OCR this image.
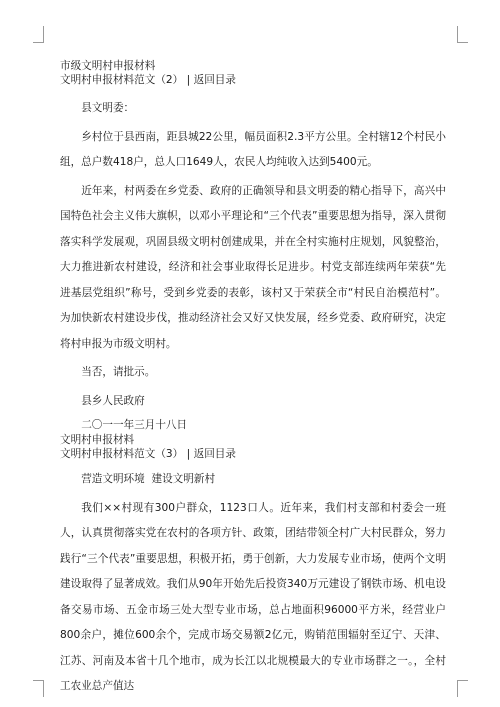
市级文明村申报材料
文明村申报材料范文（2） | 返回目录
县文明委：
乡村位于县西南，距县城22公里，幅员面积2.3平方公里。全村辖12个村民小组，总户数418户，总人口1649人，农民人均纯收入达到5400元。
近年来，村两委在乡党委、政府的正确领导和县文明委的精心指导下，高兴中国特色社会主义伟大旗帜，以邓小平理论和“三个代表”重要思想为指导，深入贯彻落实科学发展观，巩固县级文明村创建成果，并在全村实施村庄规划，风貌整治，大力推进新农村建设，经济和社会事业取得长足进步。村党支部连续两年荣获“先进基层党组织”称号，受到乡党委的表彰，该村又于荣获全市“村民自治模范村”。为加快新农村建设步伐，推动经济社会又好又快发展，经乡党委、政府研究，决定将村申报为市级文明村。
当否，请批示。
县乡人民政府
二〇一一年三月十八日
文明村申报材料
文明村申报材料范文（3） | 返回目录
营造文明环境  建设文明新村
我们××村现有300户群众，1123口人。近年来，我们村支部和村委会一班人，认真贯彻落实党在农村的各项方针、政策，团结带领全村广大村民群众，努力践行“三个代表”重要思想，积极开拓，勇于创新，大力发展专业市场，使两个文明建设取得了显著成效。我们从90年开始先后投资340万元建设了钢铁市场、机电设备交易市场、五金市场三处大型专业市场，总占地面积96000平方米，经营业户800余户，摊位600余个，完成市场交易额2亿元，购销范围辐射至辽宁、天津、江苏、河南及本省十几个地市，成为长江以北规模最大的专业市场群之一。，全村工农业总产值达
